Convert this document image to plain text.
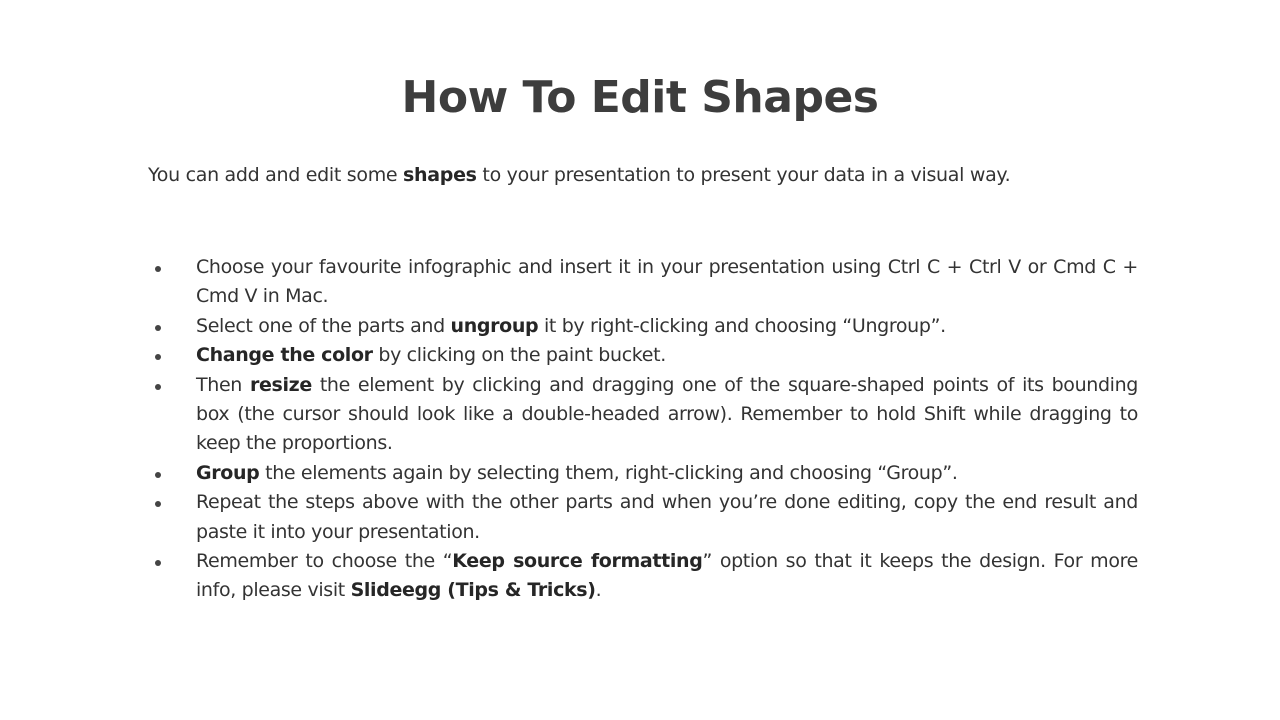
How To Edit Shapes

You can add and edit some shapes to your presentation to present your data in a visual way.

Choose your favourite infographic and insert it in your presentation using Ctrl C + Ctrl V or Cmd C + Cmd V in Mac.
Select one of the parts and ungroup it by right-clicking and choosing “Ungroup”.
Change the color by clicking on the paint bucket.
Then resize the element by clicking and dragging one of the square-shaped points of its bounding box (the cursor should look like a double-headed arrow). Remember to hold Shift while dragging to keep the proportions.
Group the elements again by selecting them, right-clicking and choosing “Group”.
Repeat the steps above with the other parts and when you’re done editing, copy the end result and paste it into your presentation.
Remember to choose the “Keep source formatting” option so that it keeps the design. For more info, please visit Slideegg (Tips & Tricks).
